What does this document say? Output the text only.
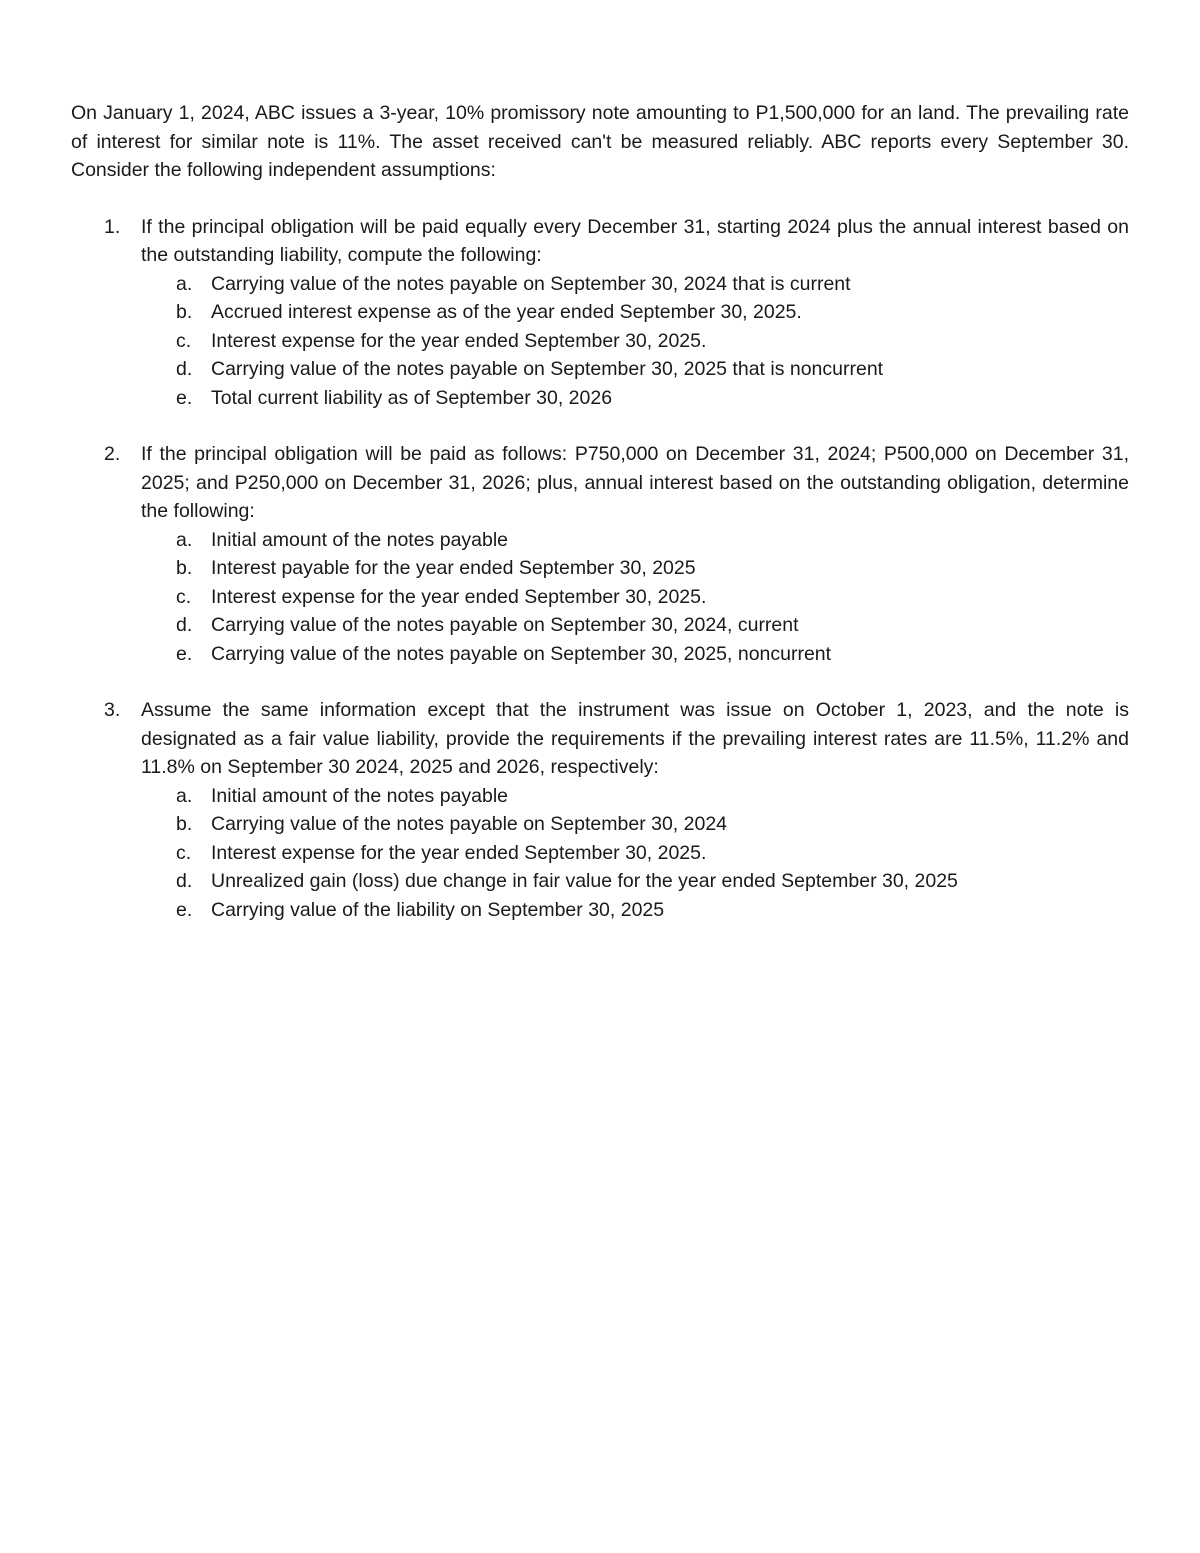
On January 1, 2024, ABC issues a 3-year, 10% promissory note amounting to P1,500,000 for an land. The prevailing rate of interest for similar note is 11%. The asset received can't be measured reliably. ABC reports every September 30. Consider the following independent assumptions:

1.	If the principal obligation will be paid equally every December 31, starting 2024 plus the annual interest based on the outstanding liability, compute the following:
a. Carrying value of the notes payable on September 30, 2024 that is current
b. Accrued interest expense as of the year ended September 30, 2025.
c.	Interest expense for the year ended September 30, 2025.
d. Carrying value of the notes payable on September 30, 2025 that is noncurrent
e. Total current liability as of September 30, 2026
2.	If the principal obligation will be paid as follows: P750,000 on December 31, 2024; P500,000 on December 31, 2025; and P250,000 on December 31, 2026; plus, annual interest based on the outstanding obligation, determine the following:
a. Initial amount of the notes payable
b. Interest payable for the year ended September 30, 2025
c.	Interest expense for the year ended September 30, 2025.
d. Carrying value of the notes payable on September 30, 2024, current
e. Carrying value of the notes payable on September 30, 2025, noncurrent
3.	Assume the same information except that the instrument was issue on October 1, 2023, and the note is designated as a fair value liability, provide the requirements if the prevailing interest rates are 11.5%, 11.2% and 11.8% on September 30 2024, 2025 and 2026, respectively:
a. Initial amount of the notes payable
b. Carrying value of the notes payable on September 30, 2024
c.	Interest expense for the year ended September 30, 2025.
d. Unrealized gain (loss) due change in fair value for the year ended September 30, 2025
e. Carrying value of the liability on September 30, 2025
